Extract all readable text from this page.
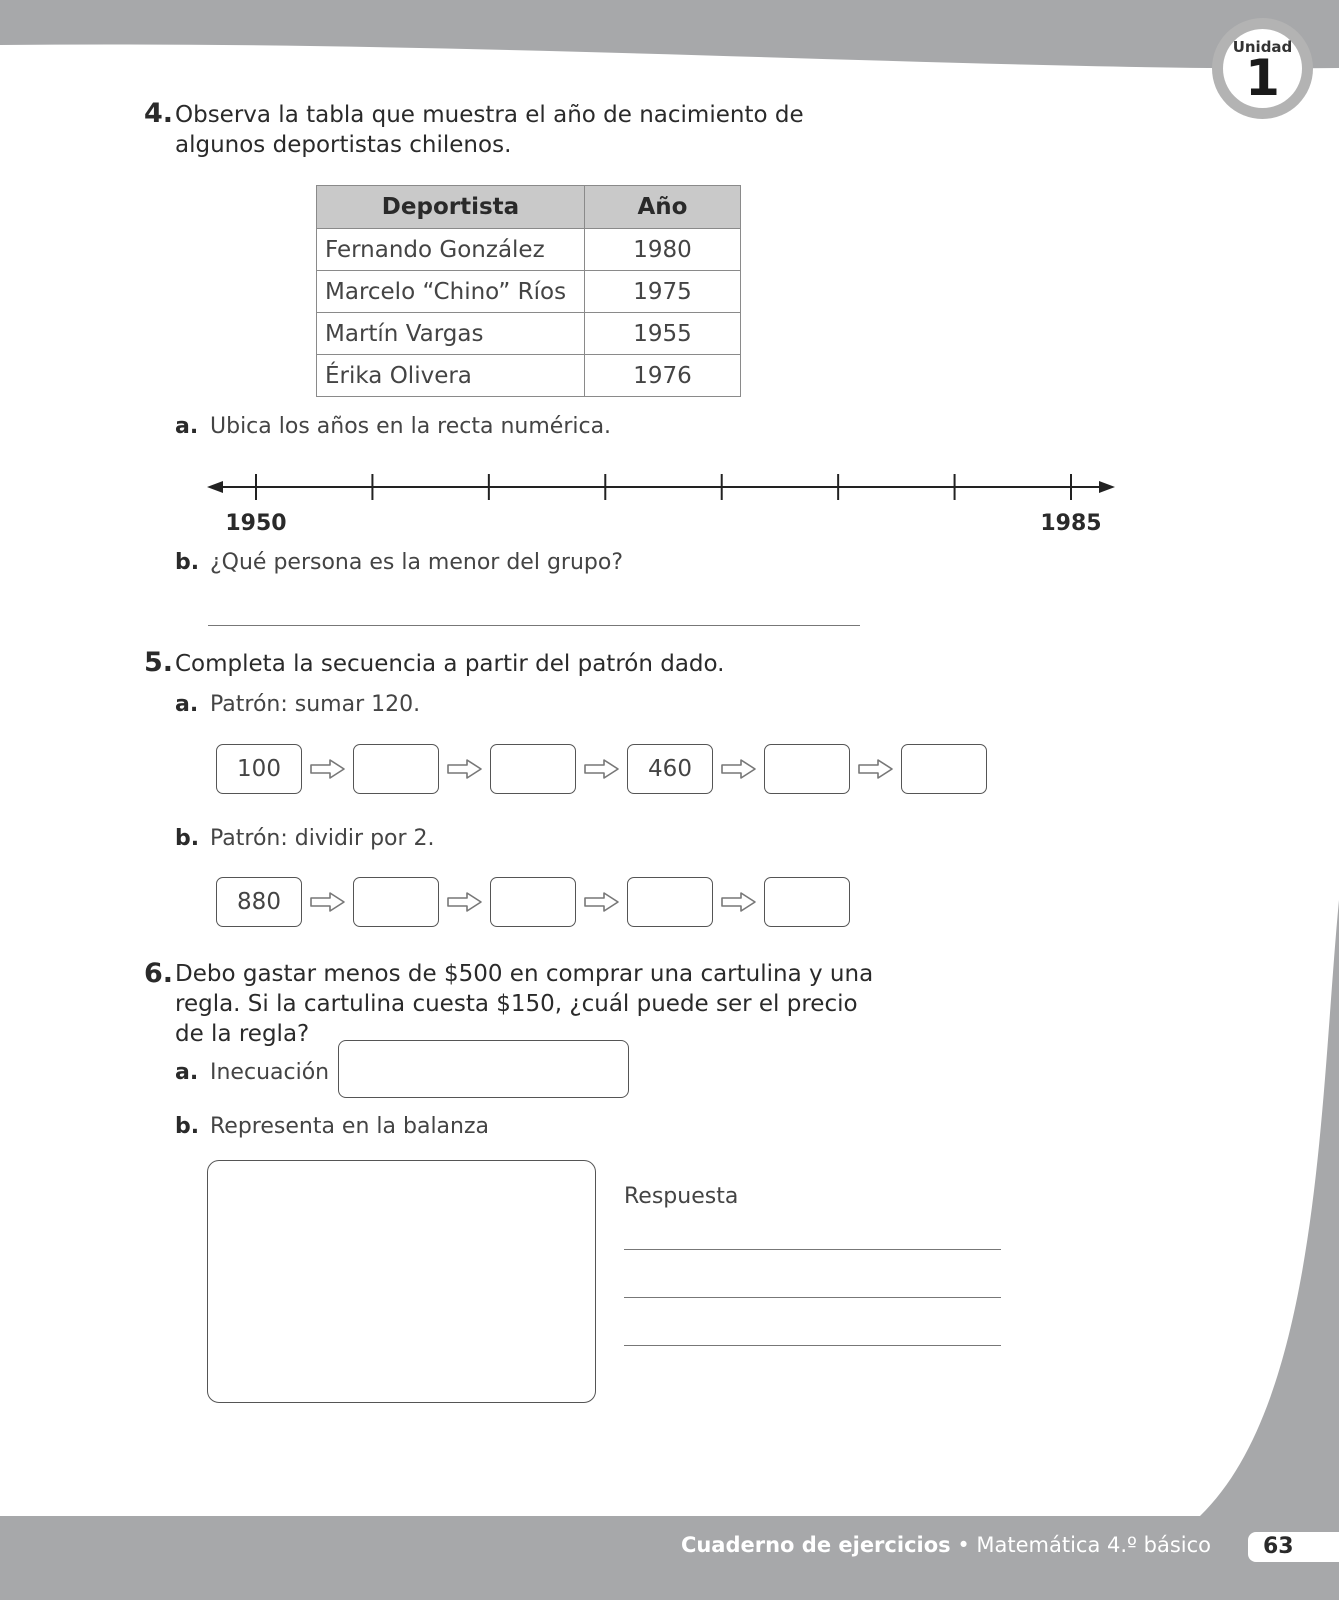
Unidad
1
4. Observa la tabla que muestra el año de nacimiento de
algunos deportistas chilenos.
Deportista	Año
Fernando González	1980
Marcelo “Chino” Ríos	1975
Martín Vargas	1955
Érika Olivera	1976
a. Ubica los años en la recta numérica.
1950	1985
b. ¿Qué persona es la menor del grupo?
5. Completa la secuencia a partir del patrón dado.
a. Patrón: sumar 120.
100	460
b. Patrón: dividir por 2.
880
6. Debo gastar menos de $500 en comprar una cartulina y una
regla. Si la cartulina cuesta $150, ¿cuál puede ser el precio
de la regla?
a. Inecuación
b. Representa en la balanza
Respuesta
Cuaderno de ejercicios • Matemática 4.º básico 63
